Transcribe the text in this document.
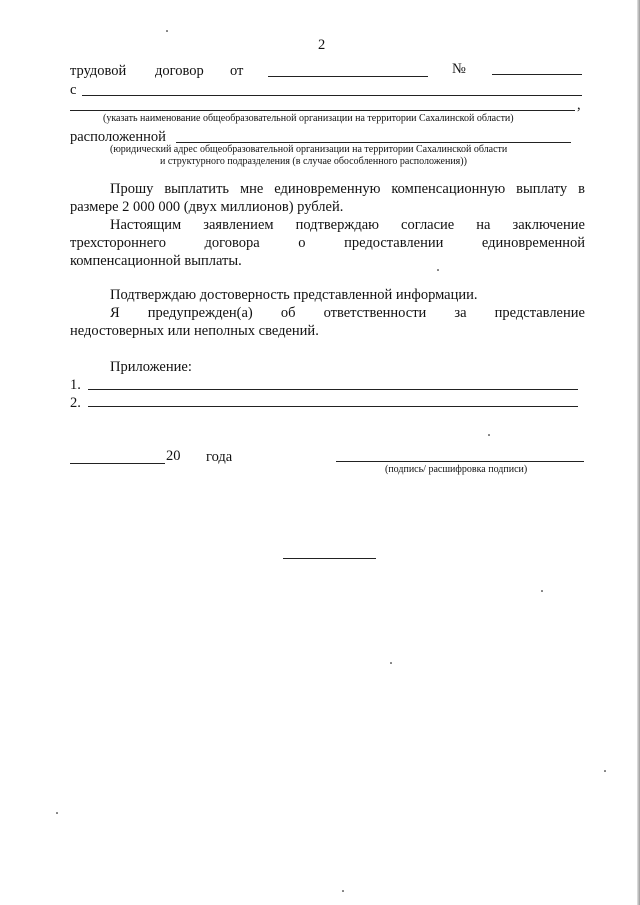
2
трудовой договор от	№
с
,
(указать наименование общеобразовательной организации на территории Сахалинской области)
расположенной
(юридический адрес общеобразовательной организации на территории Сахалинской области
и структурного подразделения (в случае обособленного расположения))
Прошу выплатить мне единовременную компенсационную выплату в
размере 2 000 000 (двух миллионов) рублей.
Настоящим заявлением подтверждаю согласие на заключение
трехстороннего	договора	о	предоставлении	единовременной
компенсационной выплаты.
Подтверждаю достоверность представленной информации.
Я предупрежден(а) об ответственности за представление
недостоверных или неполных сведений.
Приложение:
1.
2.
20 года
(подпись/ расшифровка подписи)
